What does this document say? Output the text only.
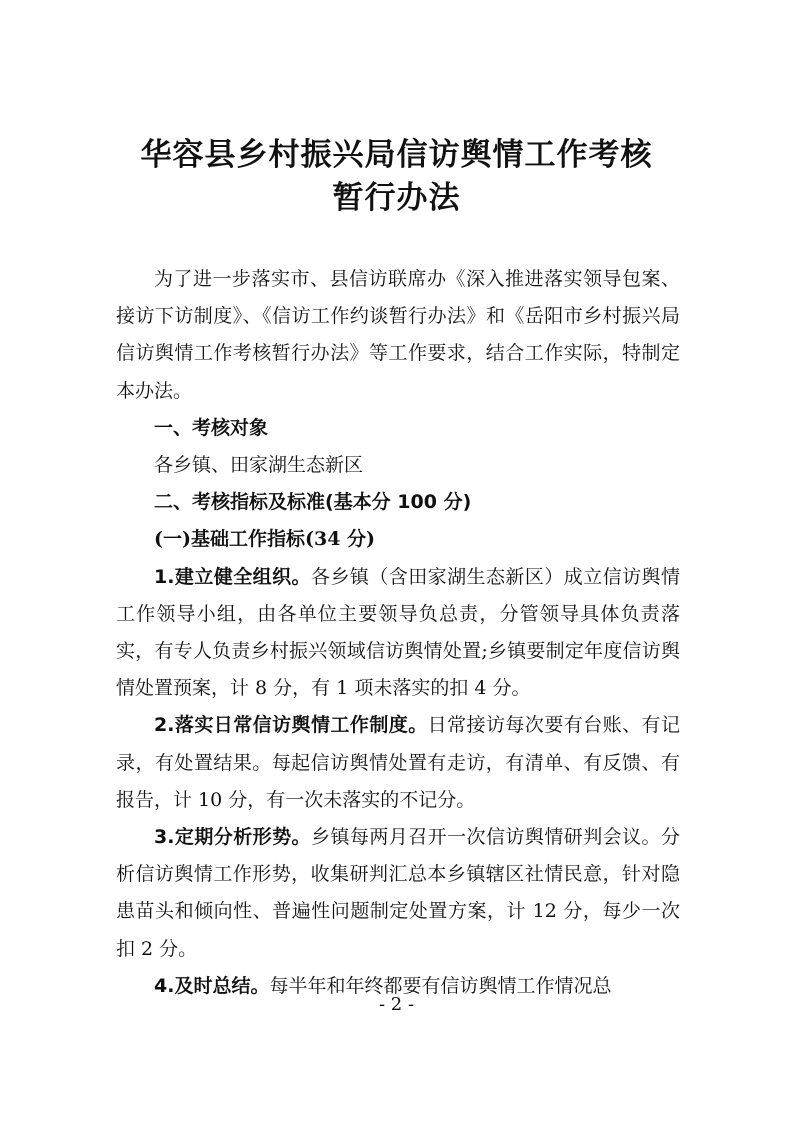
华容县乡村振兴局信访舆情工作考核
暂行办法

为了进一步落实市、县信访联席办《深入推进落实领导包案、接访下访制度》、《信访工作约谈暂行办法》和《岳阳市乡村振兴局信访舆情工作考核暂行办法》等工作要求，结合工作实际，特制定本办法。

一、考核对象

各乡镇、田家湖生态新区

二、考核指标及标准(基本分 100 分)

(一)基础工作指标(34 分)

1.建立健全组织。各乡镇（含田家湖生态新区）成立信访舆情工作领导小组，由各单位主要领导负总责，分管领导具体负责落实，有专人负责乡村振兴领域信访舆情处置;乡镇要制定年度信访舆情处置预案，计 8 分，有 1 项未落实的扣 4 分。

2.落实日常信访舆情工作制度。日常接访每次要有台账、有记录，有处置结果。每起信访舆情处置有走访，有清单、有反馈、有报告，计 10 分，有一次未落实的不记分。

3.定期分析形势。乡镇每两月召开一次信访舆情研判会议。分析信访舆情工作形势，收集研判汇总本乡镇辖区社情民意，针对隐患苗头和倾向性、普遍性问题制定处置方案，计 12 分，每少一次扣 2 分。

4.及时总结。每半年和年终都要有信访舆情工作情况总

- 2 -
